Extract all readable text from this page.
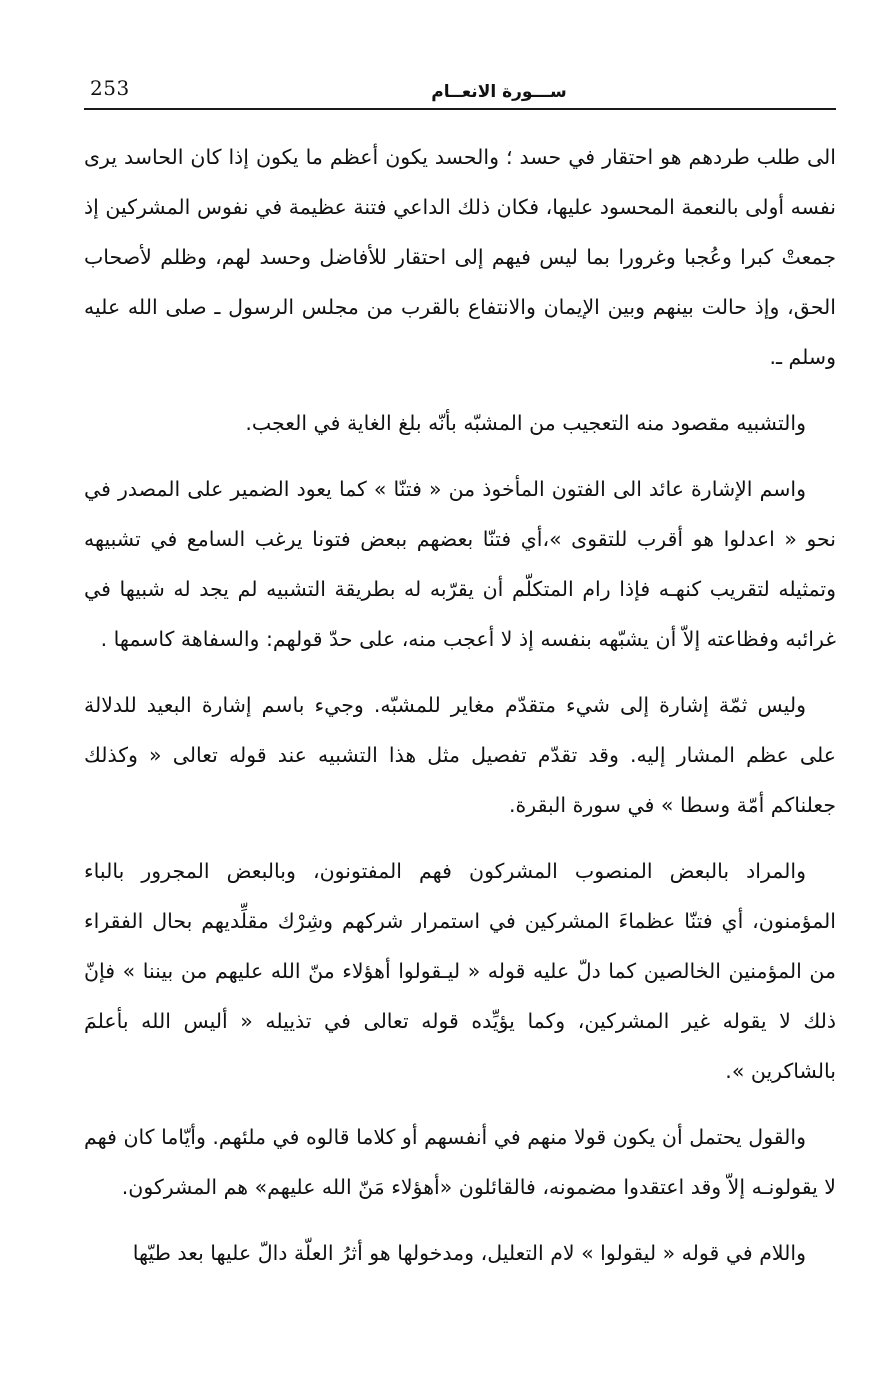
253	ســـورة الانعــام

الى طلب طردهم هو احتقار في حسد ؛ والحسد يكون أعظم ما يكون إذا كان الحاسد يرى نفسه أولى بالنعمة المحسود عليها، فكان ذلك الداعي فتنة عظيمة في نفوس المشركين إذ جمعتْ كبرا وعُجبا وغرورا بما ليس فيهم إلى احتقار للأفاضل وحسد لهم، وظلم لأصحاب الحق، وإذ حالت بينهم وبين الإيمان والانتفاع بالقرب من مجلس الرسول ـ صلى الله عليه وسلم ـ.

والتشبيه مقصود منه التعجيب من المشبّه بأنّه بلغ الغاية في العجب.

واسم الإشارة عائد الى الفتون المأخوذ من « فتنّا » كما يعود الضمير على المصدر في نحو « اعدلوا هو أقرب للتقوى »،أي فتنّا بعضهم ببعض فتونا يرغب السامع في تشبيهه وتمثيله لتقريب كنهـه فإذا رام المتكلّم أن يقرّبه له بطريقة التشبيه لم يجد له شبيها في غرائبه وفظاعته إلاّ أن يشبّهه بنفسه إذ لا أعجب منه، على حدّ قولهم: والسفاهة كاسمها .

وليس ثمّة إشارة إلى شيء متقدّم مغاير للمشبّه. وجيء باسم إشارة البعيد للدلالة على عظم المشار إليه. وقد تقدّم تفصيل مثل هذا التشبيه عند قوله تعالى « وكذلك جعلناكم أمّة وسطا » في سورة البقرة.

والمراد بالبعض المنصوب المشركون فهم المفتونون، وبالبعض المجرور بالباء المؤمنون، أي فتنّا عظماءَ المشركين في استمرار شركهم وشِرْك مقلِّديهم بحال الفقراء من المؤمنين الخالصين كما دلّ عليه قوله « ليـقولوا أهؤلاء منّ الله عليهم من بيننا » فإنّ ذلك لا يقوله غير المشركين، وكما يؤيِّده قوله تعالى في تذييله « أليس الله بأعلمَ بالشاكرين ».

والقول يحتمل أن يكون قولا منهم في أنفسهم أو كلاما قالوه في ملئهم. وأيّاما كان فهم لا يقولونـه إلاّ وقد اعتقدوا مضمونه، فالقائلون «أهؤلاء مَنّ الله عليهم» هم المشركون.

واللام في قوله « ليقولوا » لام التعليل، ومدخولها هو أثرُ العلّة دالّ عليها بعد طيّها
